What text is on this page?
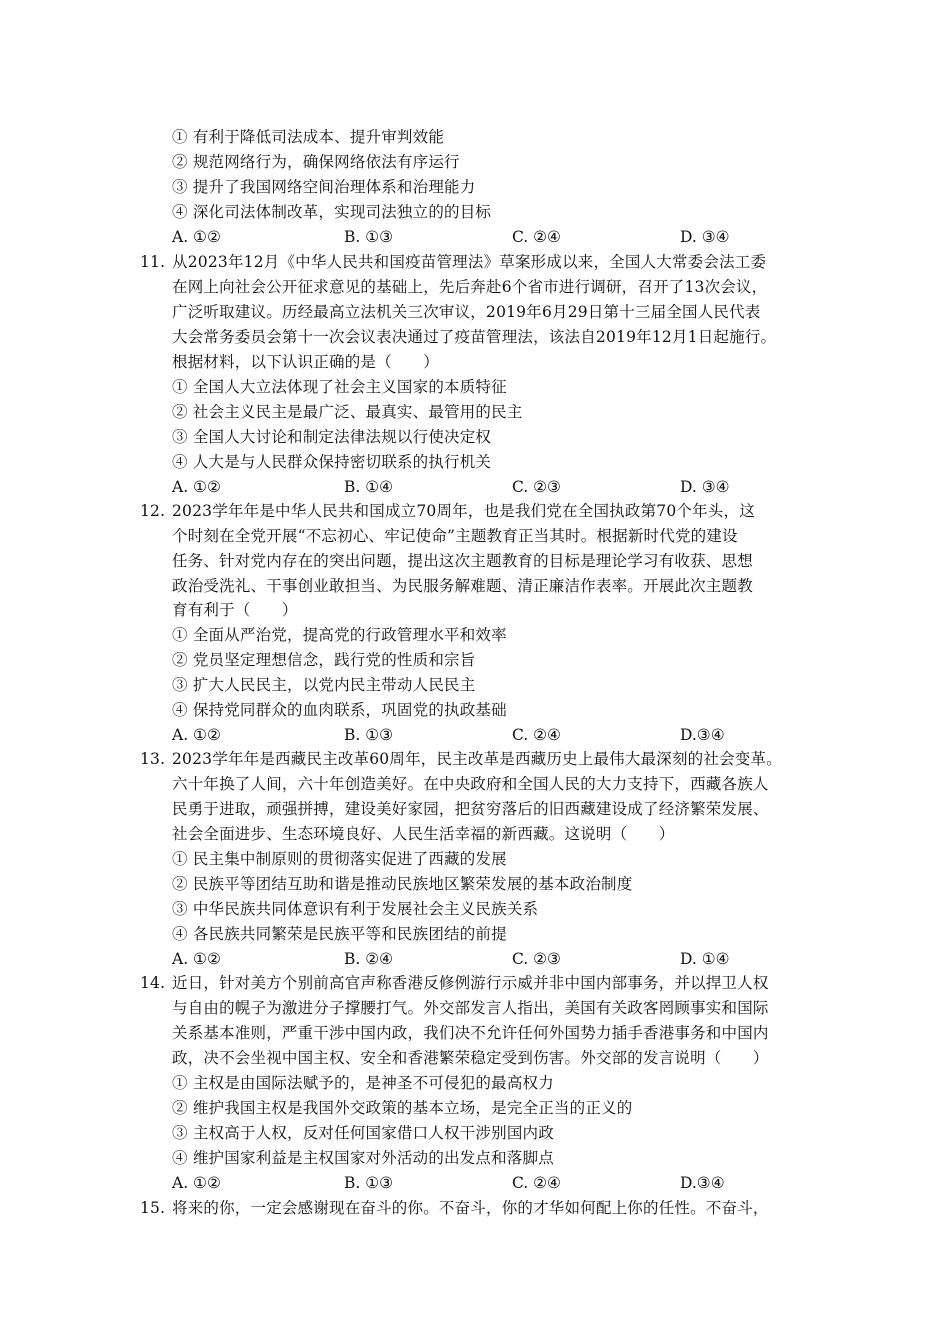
① 有利于降低司法成本、提升审判效能
② 规范网络行为，确保网络依法有序运行
③ 提升了我国网络空间治理体系和治理能力
④ 深化司法体制改革，实现司法独立的的目标
A. ①②	B. ①③	C. ②④	D. ③④
11. 从2023年12月《中华人民共和国疫苗管理法》草案形成以来，全国人大常委会法工委
在网上向社会公开征求意见的基础上，先后奔赴6个省市进行调研，召开了13次会议，
广泛听取建议。历经最高立法机关三次审议，2019年6月29日第十三届全国人民代表
大会常务委员会第十一次会议表决通过了疫苗管理法，该法自2019年12月1日起施行。
根据材料，以下认识正确的是（　　）
① 全国人大立法体现了社会主义国家的本质特征
② 社会主义民主是最广泛、最真实、最管用的民主
③ 全国人大讨论和制定法律法规以行使决定权
④ 人大是与人民群众保持密切联系的执行机关
A. ①②	B. ①④	C. ②③	D. ③④
12. 2023学年年是中华人民共和国成立70周年，也是我们党在全国执政第70个年头，这
个时刻在全党开展“不忘初心、牢记使命”主题教育正当其时。根据新时代党的建设
任务、针对党内存在的突出问题，提出这次主题教育的目标是理论学习有收获、思想
政治受洗礼、干事创业敢担当、为民服务解难题、清正廉洁作表率。开展此次主题教
育有利于（　　）
① 全面从严治党，提高党的行政管理水平和效率
② 党员坚定理想信念，践行党的性质和宗旨
③ 扩大人民民主，以党内民主带动人民民主
④ 保持党同群众的血肉联系，巩固党的执政基础
A. ①②	B. ①③	C. ②④	D.③④
13. 2023学年年是西藏民主改革60周年，民主改革是西藏历史上最伟大最深刻的社会变革。
六十年换了人间，六十年创造美好。在中央政府和全国人民的大力支持下，西藏各族人
民勇于进取，顽强拼搏，建设美好家园，把贫穷落后的旧西藏建设成了经济繁荣发展、
社会全面进步、生态环境良好、人民生活幸福的新西藏。这说明（　　）
① 民主集中制原则的贯彻落实促进了西藏的发展
② 民族平等团结互助和谐是推动民族地区繁荣发展的基本政治制度
③ 中华民族共同体意识有利于发展社会主义民族关系
④ 各民族共同繁荣是民族平等和民族团结的前提
A. ①②	B. ②④	C. ②③	D. ①④
14. 近日，针对美方个别前高官声称香港反修例游行示威并非中国内部事务，并以捍卫人权
与自由的幌子为激进分子撑腰打气。外交部发言人指出，美国有关政客罔顾事实和国际
关系基本准则，严重干涉中国内政，我们决不允许任何外国势力插手香港事务和中国内
政，决不会坐视中国主权、安全和香港繁荣稳定受到伤害。外交部的发言说明（　　）
① 主权是由国际法赋予的，是神圣不可侵犯的最高权力
② 维护我国主权是我国外交政策的基本立场，是完全正当的正义的
③ 主权高于人权，反对任何国家借口人权干涉别国内政
④ 维护国家利益是主权国家对外活动的出发点和落脚点
A. ①②	B. ①③	C. ②④	D.③④
15. 将来的你，一定会感谢现在奋斗的你。不奋斗，你的才华如何配上你的任性。不奋斗，
